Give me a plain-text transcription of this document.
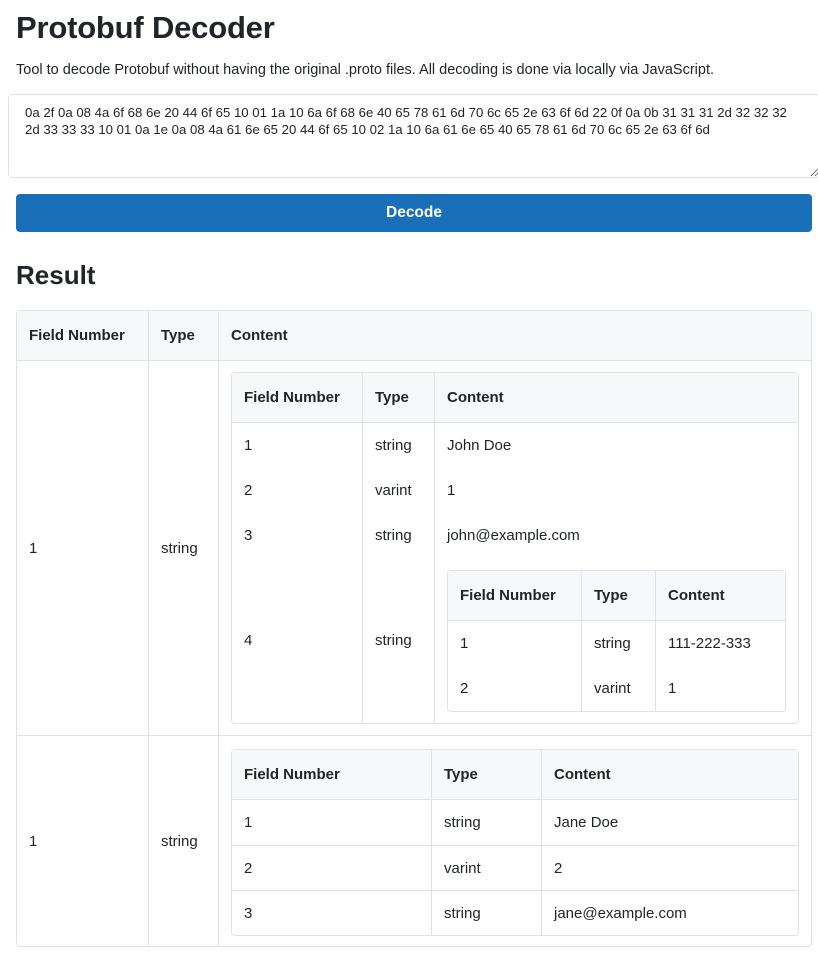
Protobuf Decoder
Tool to decode Protobuf without having the original .proto files. All decoding is done via locally via JavaScript.
0a 2f 0a 08 4a 6f 68 6e 20 44 6f 65 10 01 1a 10 6a 6f 68 6e 40 65 78 61 6d 70 6c 65 2e 63 6f 6d 22 0f 0a 0b 31 31 31 2d 32 32 32 2d 33 33 33 10 01 0a 1e 0a 08 4a 61 6e 65 20 44 6f 65 10 02 1a 10 6a 61 6e 65 40 65 78 61 6d 70 6c 65 2e 63 6f 6d
Decode
Result
Field Number	Type	Content
1	string	
Field Number	Type	Content
1	string	John Doe
2	varint	1
3	string	john@example.com
4	string	
Field Number	Type	Content
1	string	111-222-333
2	varint	1

1	string	
Field Number	Type	Content
1	string	Jane Doe
2	varint	2
3	string	jane@example.com
